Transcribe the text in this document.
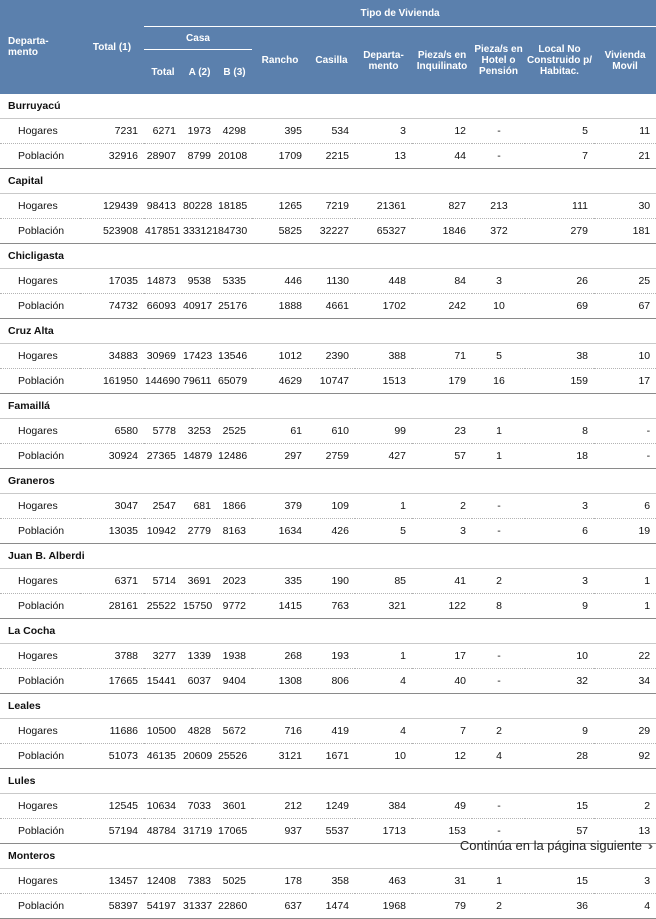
Departa-mento	Total (1)	Tipo de Vivienda									
		Casa			Rancho	Casilla	Departa-mento	Pieza/s en Inquilinato	Pieza/s en Hotel o Pensión	Local No Construido p/ Habitac.	Vivienda Movil
		Total	A (2)	B (3)							
Burruyacú											
Hogares	7231	6271	1973	4298	395	534	3	12	-	5	11
Población	32916	28907	8799	20108	1709	2215	13	44	-	7	21
Capital											
Hogares	129439	98413	80228	18185	1265	7219	21361	827	213	111	30
Población	523908	417851	333121	84730	5825	32227	65327	1846	372	279	181
Chicligasta											
Hogares	17035	14873	9538	5335	446	1130	448	84	3	26	25
Población	74732	66093	40917	25176	1888	4661	1702	242	10	69	67
Cruz Alta											
Hogares	34883	30969	17423	13546	1012	2390	388	71	5	38	10
Población	161950	144690	79611	65079	4629	10747	1513	179	16	159	17
Famaillá											
Hogares	6580	5778	3253	2525	61	610	99	23	1	8	-
Población	30924	27365	14879	12486	297	2759	427	57	1	18	-
Graneros											
Hogares	3047	2547	681	1866	379	109	1	2	-	3	6
Población	13035	10942	2779	8163	1634	426	5	3	-	6	19
Juan B. Alberdi											
Hogares	6371	5714	3691	2023	335	190	85	41	2	3	1
Población	28161	25522	15750	9772	1415	763	321	122	8	9	1
La Cocha											
Hogares	3788	3277	1339	1938	268	193	1	17	-	10	22
Población	17665	15441	6037	9404	1308	806	4	40	-	32	34
Leales											
Hogares	11686	10500	4828	5672	716	419	4	7	2	9	29
Población	51073	46135	20609	25526	3121	1671	10	12	4	28	92
Lules											
Hogares	12545	10634	7033	3601	212	1249	384	49	-	15	2
Población	57194	48784	31719	17065	937	5537	1713	153	-	57	13
Monteros											
Hogares	13457	12408	7383	5025	178	358	463	31	1	15	3
Población	58397	54197	31337	22860	637	1474	1968	79	2	36	4
Continúa en la página siguiente ››
